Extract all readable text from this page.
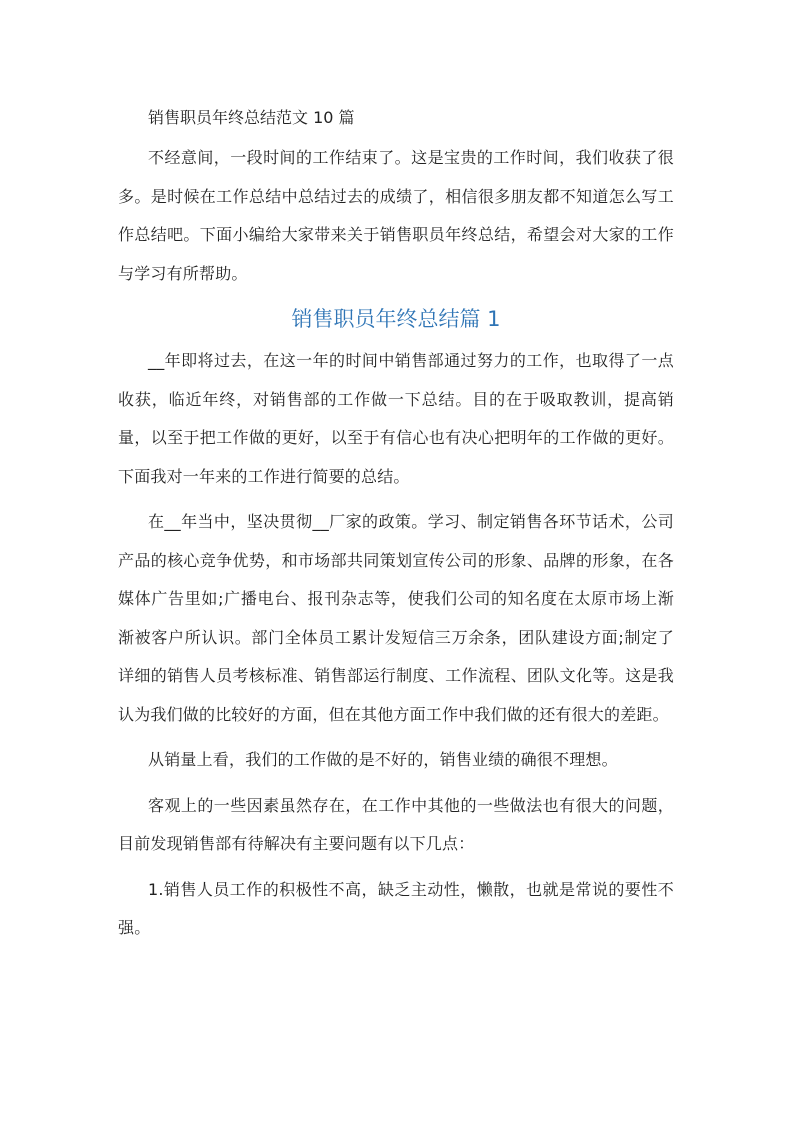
销售职员年终总结范文 10 篇

不经意间，一段时间的工作结束了。这是宝贵的工作时间，我们收获了很多。是时候在工作总结中总结过去的成绩了，相信很多朋友都不知道怎么写工作总结吧。下面小编给大家带来关于销售职员年终总结，希望会对大家的工作与学习有所帮助。

销售职员年终总结篇 1

__年即将过去，在这一年的时间中销售部通过努力的工作，也取得了一点收获，临近年终，对销售部的工作做一下总结。目的在于吸取教训，提高销量，以至于把工作做的更好，以至于有信心也有决心把明年的工作做的更好。下面我对一年来的工作进行简要的总结。

在__年当中，坚决贯彻__厂家的政策。学习、制定销售各环节话术，公司产品的核心竞争优势，和市场部共同策划宣传公司的形象、品牌的形象，在各媒体广告里如;广播电台、报刊杂志等，使我们公司的知名度在太原市场上渐渐被客户所认识。部门全体员工累计发短信三万余条，团队建设方面;制定了详细的销售人员考核标准、销售部运行制度、工作流程、团队文化等。这是我认为我们做的比较好的方面，但在其他方面工作中我们做的还有很大的差距。

从销量上看，我们的工作做的是不好的，销售业绩的确很不理想。

客观上的一些因素虽然存在，在工作中其他的一些做法也有很大的问题，目前发现销售部有待解决有主要问题有以下几点：

1.销售人员工作的积极性不高，缺乏主动性，懒散，也就是常说的要性不强。
